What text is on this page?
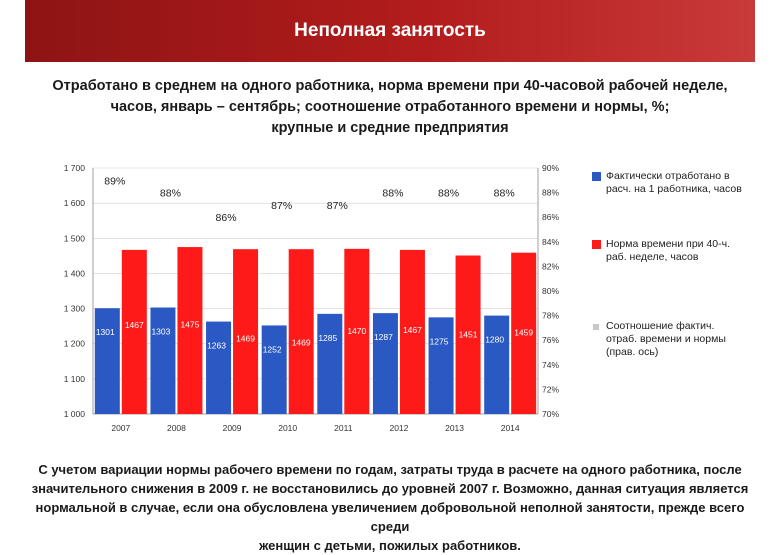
Неполная занятость
Отработано в среднем на одного работника, норма времени при 40-часовой рабочей неделе,
часов, январь – сентябрь; соотношение отработанного времени и нормы, %;
крупные и средние предприятия
1 000
1 100
1 200
1 300
1 400
1 500
1 600
1 700
70%
72%
74%
76%
78%
80%
82%
84%
86%
88%
90%
1301
1467
89%
2007
1303
1475
88%
2008
1263
1469
86%
2009
1252
1469
87%
2010
1285
1470
87%
2011
1287
1467
88%
2012
1275
1451
88%
2013
1280
1459
88%
2014
Фактически отработано в расч. на 1 работника, часов
Норма времени при 40-ч. раб. неделе, часов
Соотношение фактич. отраб. времени и нормы (прав. ось)
С учетом вариации нормы рабочего времени по годам, затраты труда в расчете на одного работника, после
значительного снижения в 2009 г. не восстановились до уровней 2007 г. Возможно, данная ситуация является
нормальной в случае, если она обусловлена увеличением добровольной неполной занятости, прежде всего среди
женщин с детьми, пожилых работников.
